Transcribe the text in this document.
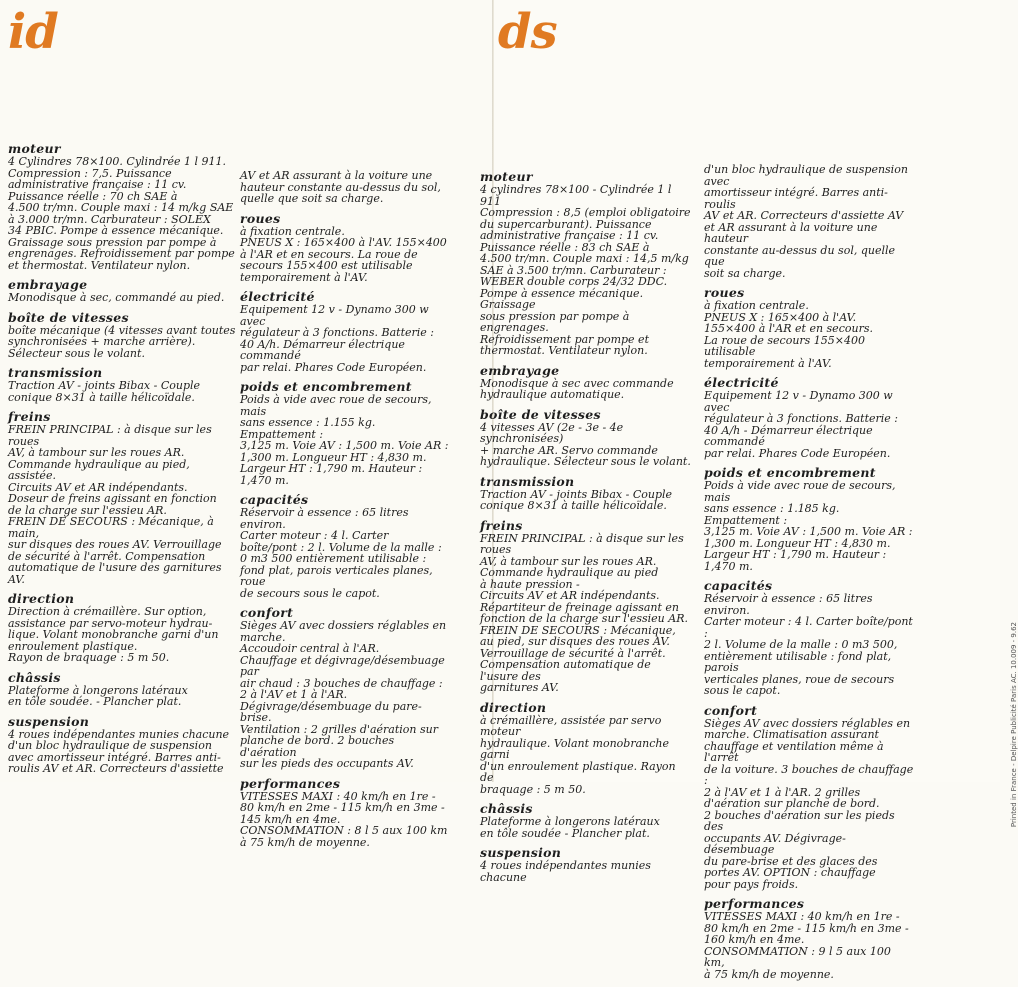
id
moteur
4 Cylindres 78×100. Cylindrée 1 l 911.
Compression : 7,5. Puissance
administrative française : 11 cv.
Puissance réelle : 70 ch SAE à
4.500 tr/mn. Couple maxi : 14 m/kg SAE
à 3.000 tr/mn. Carburateur : SOLEX
34 PBIC. Pompe à essence mécanique.
Graissage sous pression par pompe à
engrenages. Refroidissement par pompe
et thermostat. Ventilateur nylon.
embrayage
Monodisque à sec, commandé au pied.
boîte de vitesses
boîte mécanique (4 vitesses avant toutes
synchronisées + marche arrière).
Sélecteur sous le volant.
transmission
Traction AV - joints Bibax - Couple
conique 8×31 à taille hélicoïdale.
freins
FREIN PRINCIPAL : à disque sur les roues
AV, à tambour sur les roues AR.
Commande hydraulique au pied, assistée.
Circuits AV et AR indépendants.
Doseur de freins agissant en fonction
de la charge sur l'essieu AR.
FREIN DE SECOURS : Mécanique, à main,
sur disques des roues AV. Verrouillage
de sécurité à l'arrêt. Compensation
automatique de l'usure des garnitures AV.
direction
Direction à crémaillère. Sur option,
assistance par servo-moteur hydrau-
lique. Volant monobranche garni d'un
enroulement plastique.
Rayon de braquage : 5 m 50.
châssis
Plateforme à longerons latéraux
en tôle soudée. - Plancher plat.
suspension
4 roues indépendantes munies chacune
d'un bloc hydraulique de suspension
avec amortisseur intégré. Barres anti-
roulis AV et AR. Correcteurs d'assiette
AV et AR assurant à la voiture une
hauteur constante au-dessus du sol,
quelle que soit sa charge.
roues
à fixation centrale.
PNEUS X : 165×400 à l'AV. 155×400
à l'AR et en secours. La roue de
secours 155×400 est utilisable
temporairement à l'AV.
électricité
Equipement 12 v - Dynamo 300 w avec
régulateur à 3 fonctions. Batterie :
40 A/h. Démarreur électrique commandé
par relai. Phares Code Européen.
poids et encombrement
Poids à vide avec roue de secours, mais
sans essence : 1.155 kg. Empattement :
3,125 m. Voie AV : 1,500 m. Voie AR :
1,300 m. Longueur HT : 4,830 m.
Largeur HT : 1,790 m. Hauteur :
1,470 m.
capacités
Réservoir à essence : 65 litres environ.
Carter moteur : 4 l. Carter
boîte/pont : 2 l. Volume de la malle :
0 m3 500 entièrement utilisable :
fond plat, parois verticales planes, roue
de secours sous le capot.
confort
Sièges AV avec dossiers réglables en
marche.
Accoudoir central à l'AR.
Chauffage et dégivrage/désembuage par
air chaud : 3 bouches de chauffage :
2 à l'AV et 1 à l'AR.
Dégivrage/désembuage du pare-brise.
Ventilation : 2 grilles d'aération sur
planche de bord. 2 bouches d'aération
sur les pieds des occupants AV.
performances
VITESSES MAXI : 40 km/h en 1re -
80 km/h en 2me - 115 km/h en 3me -
145 km/h en 4me.
CONSOMMATION : 8 l 5 aux 100 km
à 75 km/h de moyenne.
ds
moteur
4 cylindres 78×100 - Cylindrée 1 l 911
Compression : 8,5 (emploi obligatoire
du supercarburant). Puissance
administrative française : 11 cv.
Puissance réelle : 83 ch SAE à
4.500 tr/mn. Couple maxi : 14,5 m/kg
SAE à 3.500 tr/mn. Carburateur :
WEBER double corps 24/32 DDC.
Pompe à essence mécanique. Graissage
sous pression par pompe à engrenages.
Refroidissement par pompe et
thermostat. Ventilateur nylon.
embrayage
Monodisque à sec avec commande
hydraulique automatique.
boîte de vitesses
4 vitesses AV (2e - 3e - 4e synchronisées)
+ marche AR. Servo commande
hydraulique. Sélecteur sous le volant.
transmission
Traction AV - joints Bibax - Couple
conique 8×31 à taille hélicoïdale.
freins
FREIN PRINCIPAL : à disque sur les roues
AV, à tambour sur les roues AR.
Commande hydraulique au pied
à haute pression -
Circuits AV et AR indépendants.
Répartiteur de freinage agissant en
fonction de la charge sur l'essieu AR.
FREIN DE SECOURS : Mécanique,
au pied, sur disques des roues AV.
Verrouillage de sécurité à l'arrêt.
Compensation automatique de l'usure des
garnitures AV.
direction
à crémaillère, assistée par servo moteur
hydraulique. Volant monobranche garni
d'un enroulement plastique. Rayon de
braquage : 5 m 50.
châssis
Plateforme à longerons latéraux
en tôle soudée - Plancher plat.
suspension
4 roues indépendantes munies chacune
d'un bloc hydraulique de suspension avec
amortisseur intégré. Barres anti-roulis
AV et AR. Correcteurs d'assiette AV
et AR assurant à la voiture une hauteur
constante au-dessus du sol, quelle que
soit sa charge.
roues
à fixation centrale.
PNEUS X : 165×400 à l'AV.
155×400 à l'AR et en secours.
La roue de secours 155×400 utilisable
temporairement à l'AV.
électricité
Equipement 12 v - Dynamo 300 w avec
régulateur à 3 fonctions. Batterie :
40 A/h - Démarreur électrique commandé
par relai. Phares Code Européen.
poids et encombrement
Poids à vide avec roue de secours, mais
sans essence : 1.185 kg. Empattement :
3,125 m. Voie AV : 1,500 m. Voie AR :
1,300 m. Longueur HT : 4,830 m.
Largeur HT : 1,790 m. Hauteur : 1,470 m.
capacités
Réservoir à essence : 65 litres environ.
Carter moteur : 4 l. Carter boîte/pont :
2 l. Volume de la malle : 0 m3 500,
entièrement utilisable : fond plat, parois
verticales planes, roue de secours
sous le capot.
confort
Sièges AV avec dossiers réglables en
marche. Climatisation assurant
chauffage et ventilation même à l'arrêt
de la voiture. 3 bouches de chauffage :
2 à l'AV et 1 à l'AR. 2 grilles
d'aération sur planche de bord.
2 bouches d'aération sur les pieds des
occupants AV. Dégivrage-désembuage
du pare-brise et des glaces des
portes AV. OPTION : chauffage
pour pays froids.
performances
VITESSES MAXI : 40 km/h en 1re -
80 km/h en 2me - 115 km/h en 3me -
160 km/h en 4me.
CONSOMMATION : 9 l 5 aux 100 km,
à 75 km/h de moyenne.
Printed in France - Delpire Publicité Paris AC. 10.009 - 9.62
